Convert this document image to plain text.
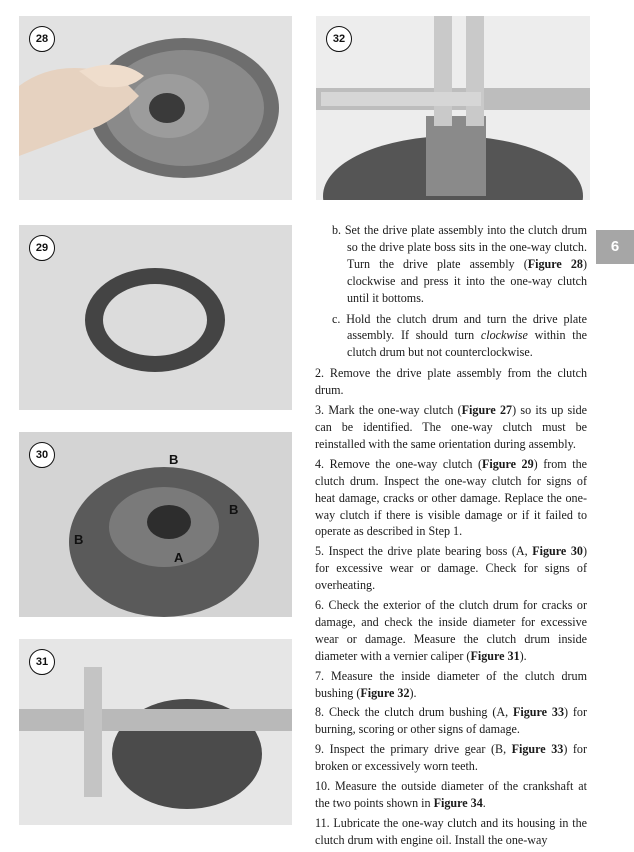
28	32
29
B
B
B
A
30
31
6

b. Set the drive plate assembly into the clutch drum so the drive plate boss sits in the one-way clutch. Turn the drive plate assembly (Figure 28) clockwise and press it into the one-way clutch until it bottoms.

c. Hold the clutch drum and turn the drive plate assembly. If should turn clockwise within the clutch drum but not counterclockwise.

2. Remove the drive plate assembly from the clutch drum.

3. Mark the one-way clutch (Figure 27) so its up side can be identified. The one-way clutch must be reinstalled with the same orientation during assembly.

4. Remove the one-way clutch (Figure 29) from the clutch drum. Inspect the one-way clutch for signs of heat damage, cracks or other damage. Replace the one-way clutch if there is visible damage or if it failed to operate as described in Step 1.

5. Inspect the drive plate bearing boss (A, Figure 30) for excessive wear or damage. Check for signs of overheating.

6. Check the exterior of the clutch drum for cracks or damage, and check the inside diameter for excessive wear or damage. Measure the clutch drum inside diameter with a vernier caliper (Figure 31).

7. Measure the inside diameter of the clutch drum bushing (Figure 32).

8. Check the clutch drum bushing (A, Figure 33) for burning, scoring or other signs of damage.

9. Inspect the primary drive gear (B, Figure 33) for broken or excessively worn teeth.

10. Measure the outside diameter of the crankshaft at the two points shown in Figure 34.

11. Lubricate the one-way clutch and its housing in the clutch drum with engine oil. Install the one-way
